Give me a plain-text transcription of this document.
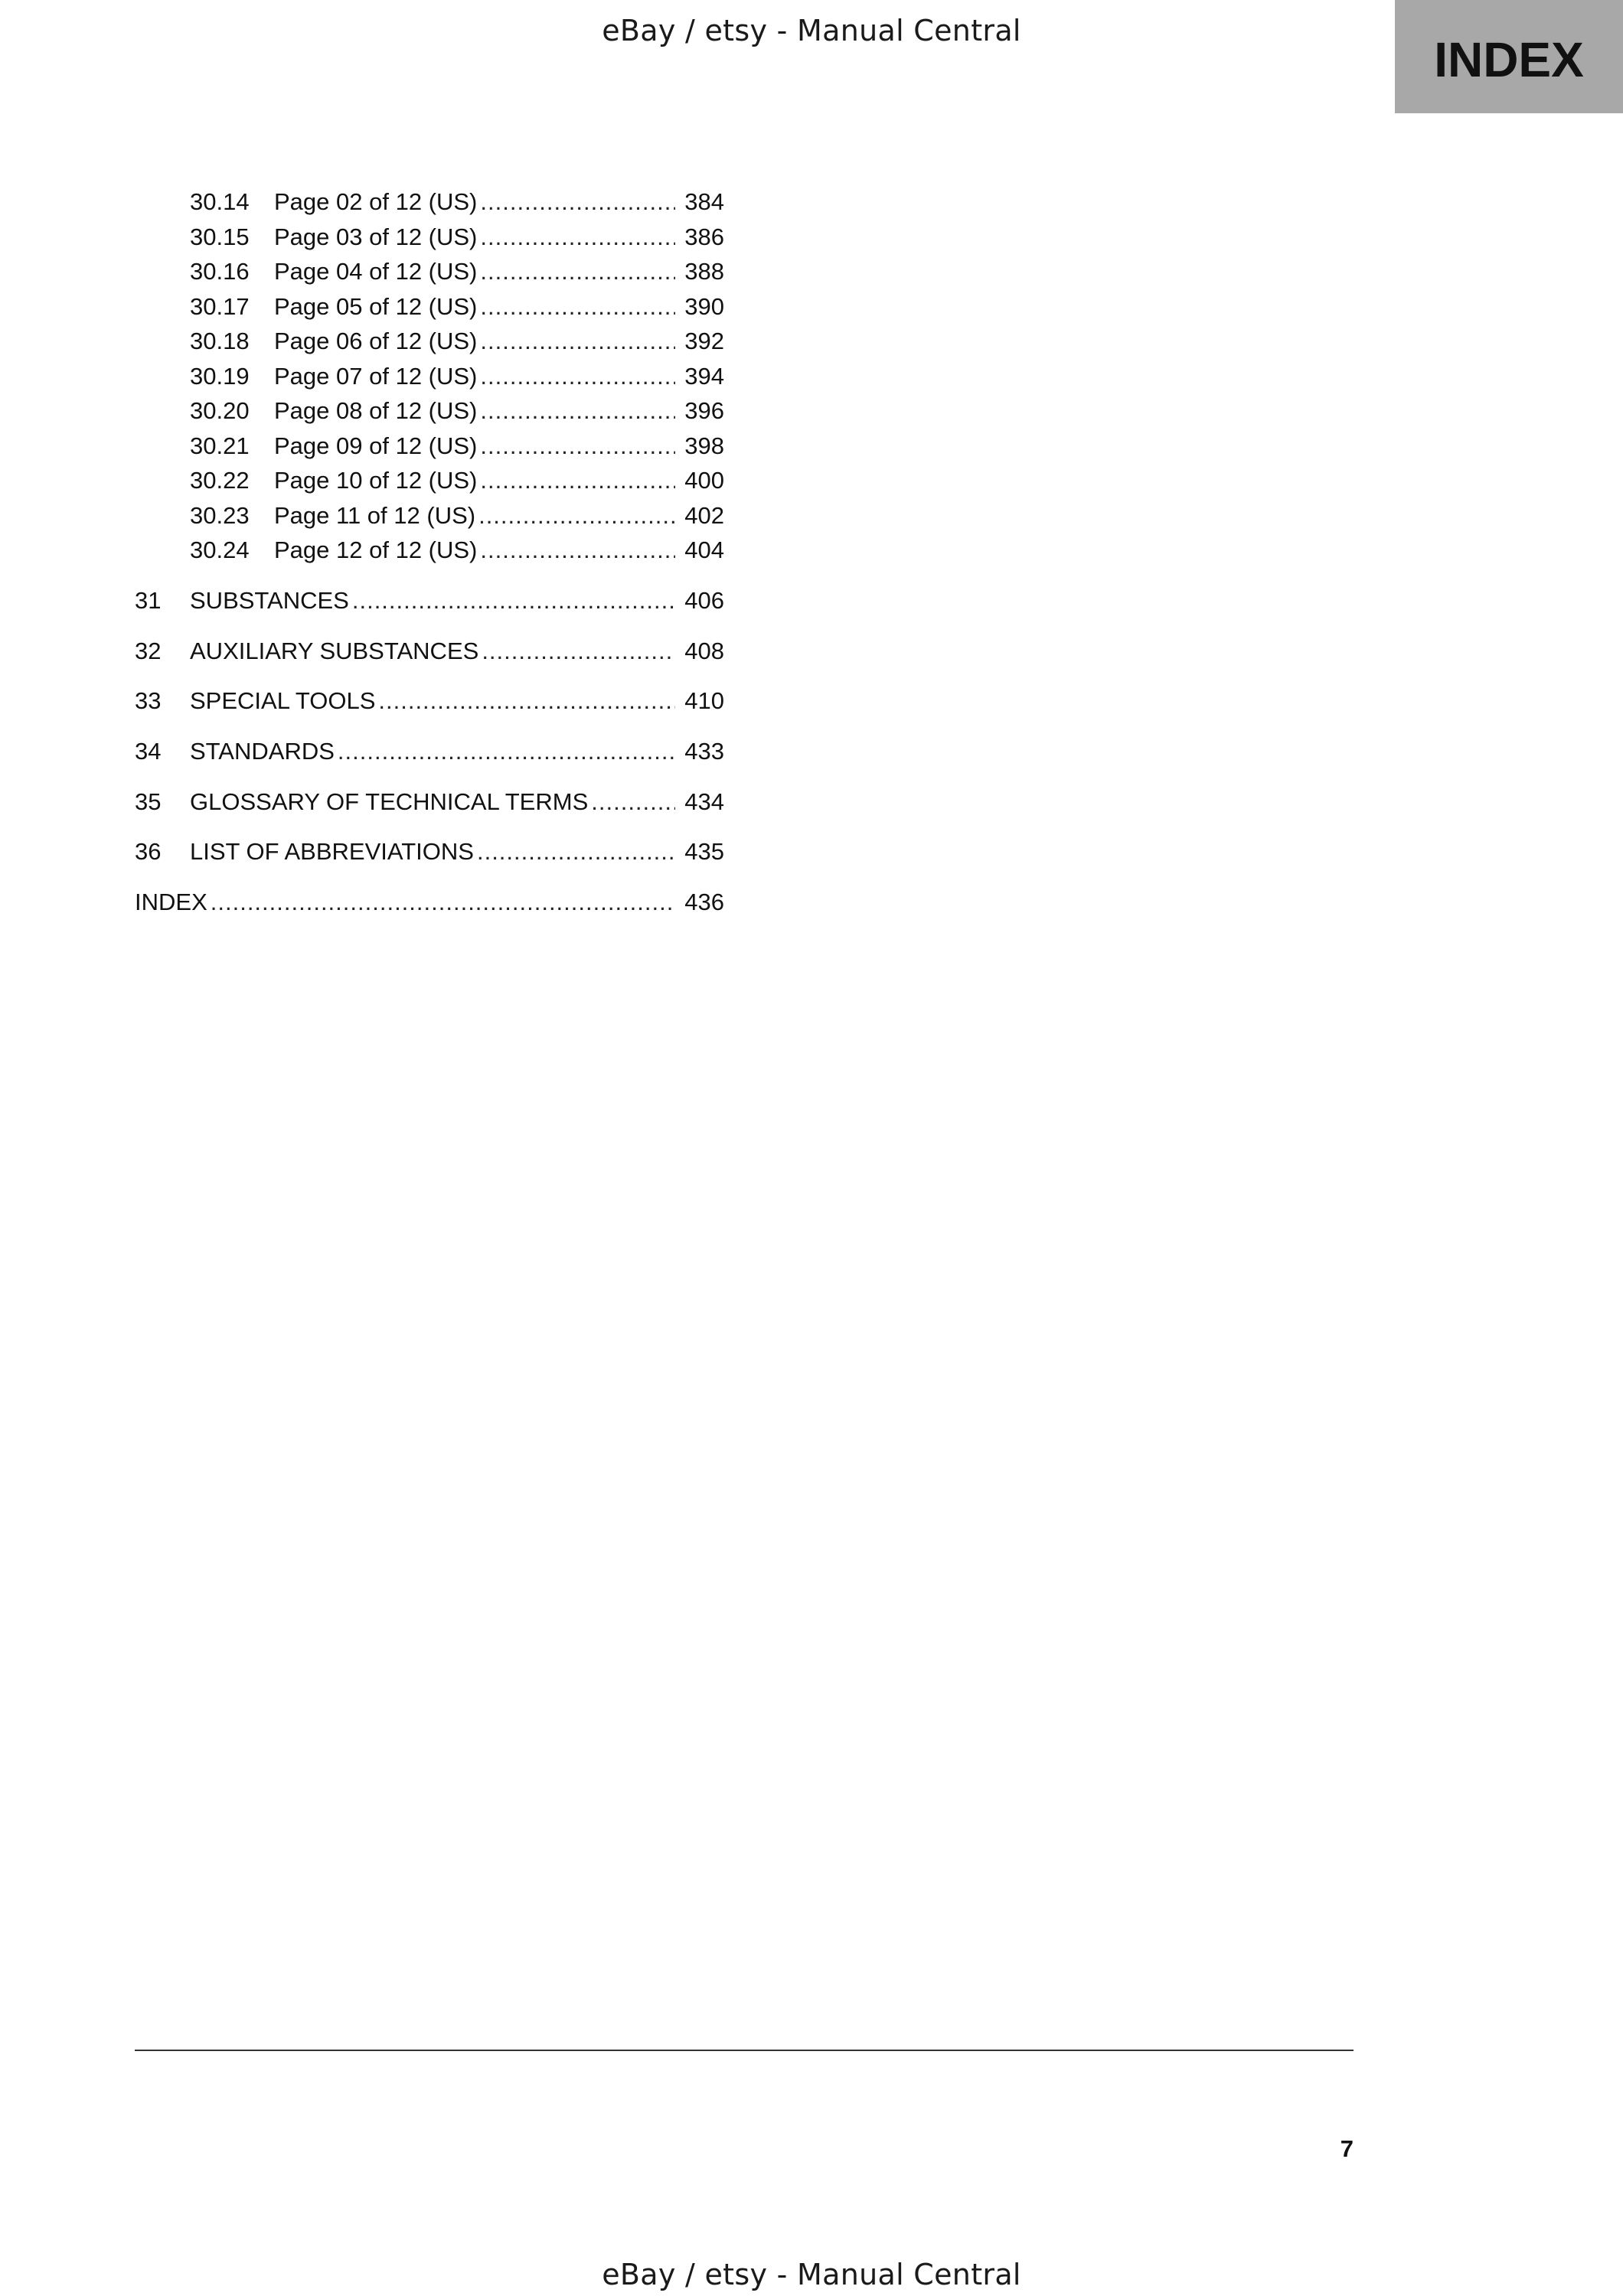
eBay / etsy - Manual Central
INDEX
30.14	Page 02 of 12 (US) .....	384
30.15	Page 03 of 12 (US) .....	386
30.16	Page 04 of 12 (US) .....	388
30.17	Page 05 of 12 (US) .....	390
30.18	Page 06 of 12 (US) .....	392
30.19	Page 07 of 12 (US) .....	394
30.20	Page 08 of 12 (US) .....	396
30.21	Page 09 of 12 (US) .....	398
30.22	Page 10 of 12 (US) .....	400
30.23	Page 11 of 12 (US) .....	402
30.24	Page 12 of 12 (US) .....	404
31	SUBSTANCES .....	406
32	AUXILIARY SUBSTANCES .....	408
33	SPECIAL TOOLS .....	410
34	STANDARDS .....	433
35	GLOSSARY OF TECHNICAL TERMS .....	434
36	LIST OF ABBREVIATIONS .....	435
INDEX .....	436
7
eBay / etsy - Manual Central
